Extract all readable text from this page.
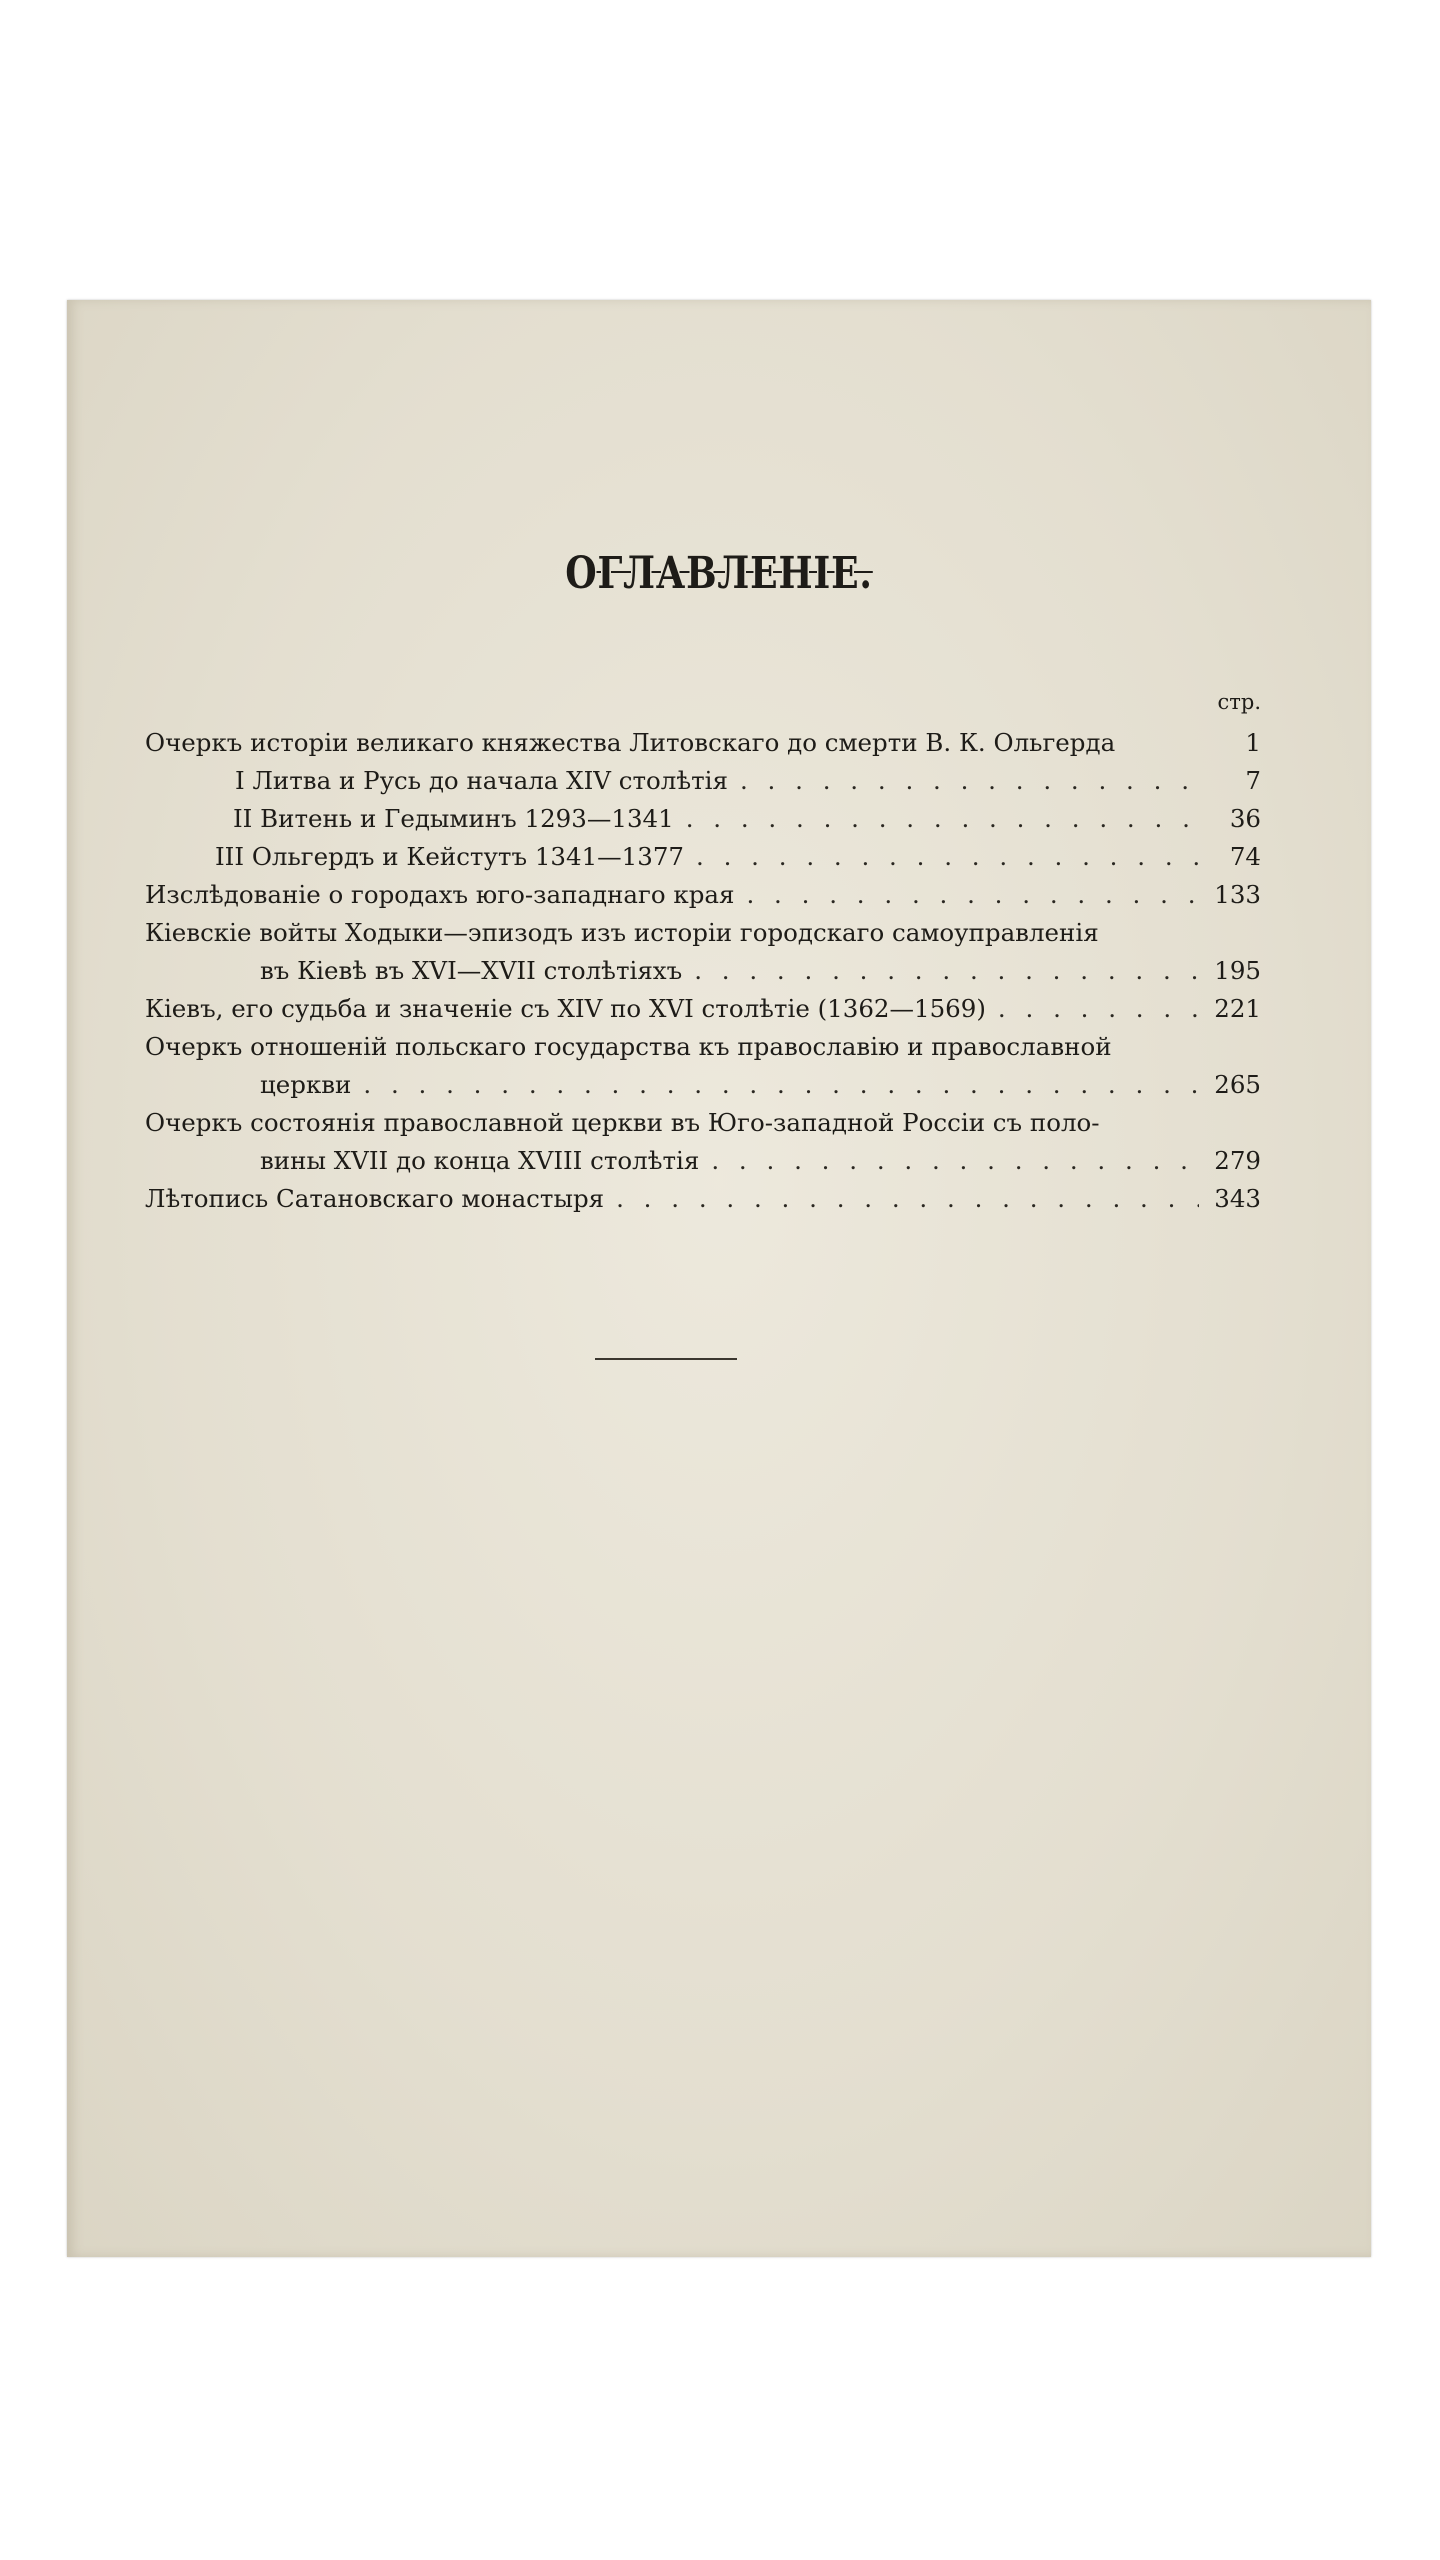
ОГЛАВЛЕНІЕ.
стр.
Очеркъ исторіи великаго княжества Литовскаго до смерти В. К. Ольгерда	1
I Литва и Русь до начала XIV столѣтія . . .	7
II Витень и Гедыминъ 1293—1341 . . .	36
III Ольгердъ и Кейстутъ 1341—1377 . . .	74
Изслѣдованіе о городахъ юго-западнаго края . . .	133
Кіевскіе войты Ходыки—эпизодъ изъ исторіи городскаго самоуправленія
въ Кіевѣ въ XVI—XVII столѣтіяхъ . . .	195
Кіевъ, его судьба и значеніе съ XIV по XVI столѣтіе (1362—1569) . . .	221
Очеркъ отношеній польскаго государства къ православію и православной
церкви . . .	265
Очеркъ состоянія православной церкви въ Юго-западной Россіи съ поло-
вины XVII до конца XVIII столѣтія . . .	279
Лѣтопись Сатановскаго монастыря . . .	343
